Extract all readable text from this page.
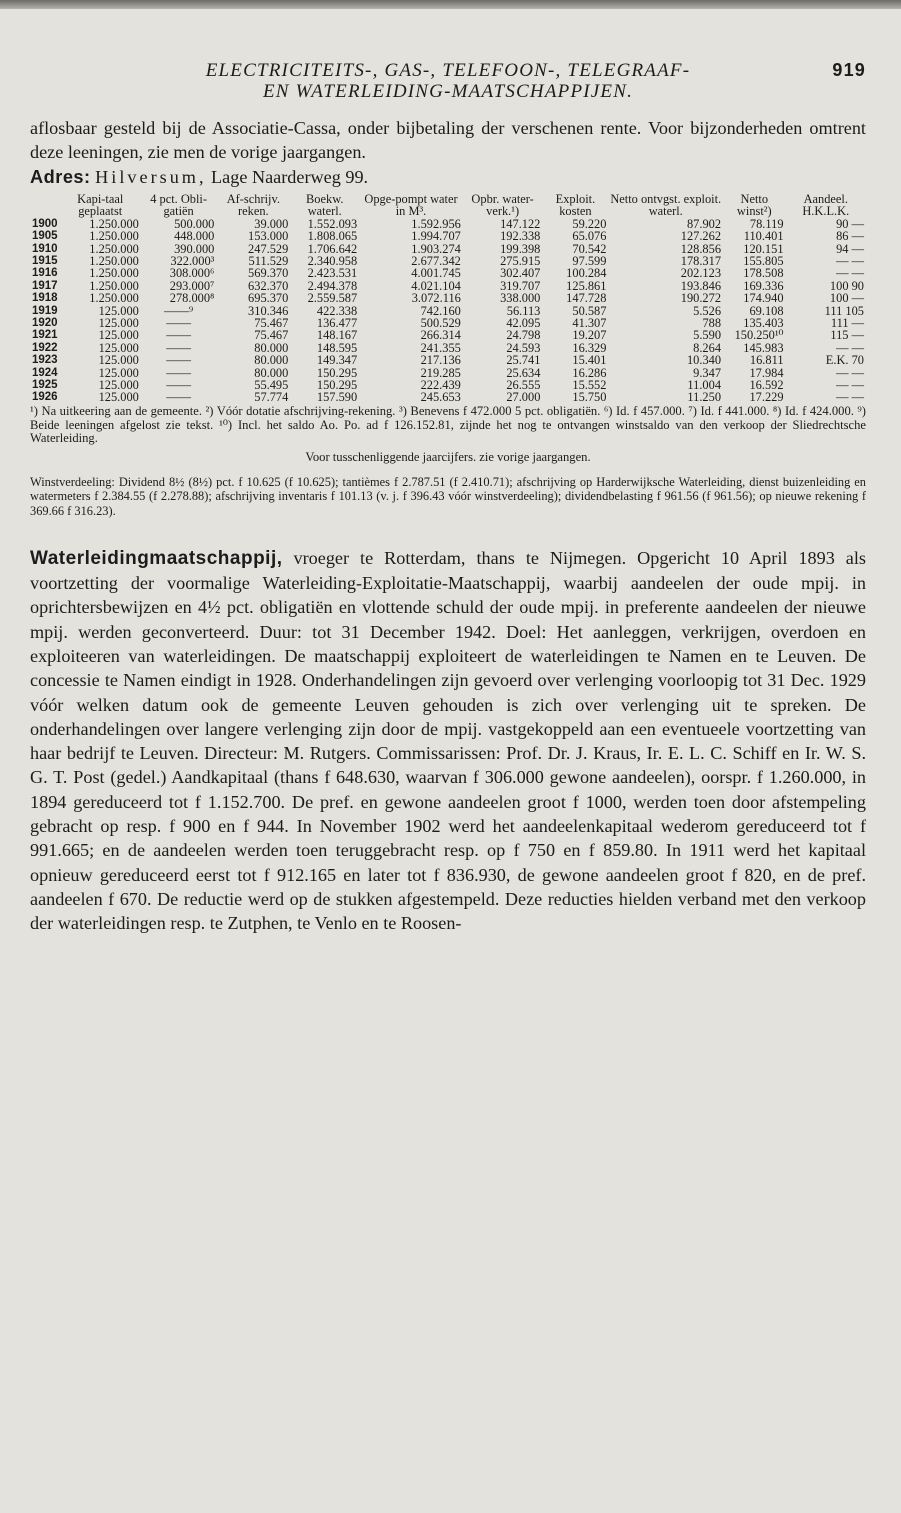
ELECTRICITEITS-, GAS-, TELEFOON-, TELEGRAAF-
EN WATERLEIDING-MAATSCHAPPIJEN.
919

aflosbaar gesteld bij de Associatie-Cassa, onder bijbetaling der verschenen rente. Voor bijzonderheden omtrent deze leeningen, zie men de vorige jaargangen.

Adres: Hilversum, Lage Naarderweg 99.

	Kapi-taal geplaatst	4 pct. Obli-gatiën	Af-schrijv. reken.	Boekw. waterl.	Opge-pompt water in M³.	Opbr. water-verk.¹)	Exploit. kosten	Netto ontvgst. exploit. waterl.	Netto winst²)	Aandeel. H.K.L.K.
1900	1.250.000	500.000	39.000	1.552.093	1.592.956	147.122	59.220	87.902	78.119	90 —
1905	1.250.000	448.000	153.000	1.808.065	1.994.707	192.338	65.076	127.262	110.401	86 —
1910	1.250.000	390.000	247.529	1.706.642	1.903.274	199.398	70.542	128.856	120.151	94 —
1915	1.250.000	322.000³	511.529	2.340.958	2.677.342	275.915	97.599	178.317	155.805	— —
1916	1.250.000	308.000⁶	569.370	2.423.531	4.001.745	302.407	100.284	202.123	178.508	— —
1917	1.250.000	293.000⁷	632.370	2.494.378	4.021.104	319.707	125.861	193.846	169.336	100 90
1918	1.250.000	278.000⁸	695.370	2.559.587	3.072.116	338.000	147.728	190.272	174.940	100 —
1919	125.000	——⁹	310.346	422.338	742.160	56.113	50.587	5.526	69.108	111 105
1920	125.000	——	75.467	136.477	500.529	42.095	41.307	788	135.403	111 —
1921	125.000	——	75.467	148.167	266.314	24.798	19.207	5.590	150.250¹⁰	115 —
1922	125.000	——	80.000	148.595	241.355	24.593	16.329	8.264	145.983	— —
1923	125.000	——	80.000	149.347	217.136	25.741	15.401	10.340	16.811	E.K. 70
1924	125.000	——	80.000	150.295	219.285	25.634	16.286	9.347	17.984	— —
1925	125.000	——	55.495	150.295	222.439	26.555	15.552	11.004	16.592	— —
1926	125.000	——	57.774	157.590	245.653	27.000	15.750	11.250	17.229	— —

¹) Na uitkeering aan de gemeente. ²) Vóór dotatie afschrijving-rekening. ³) Benevens f 472.000 5 pct. obligatiën. ⁶) Id. f 457.000. ⁷) Id. f 441.000. ⁸) Id. f 424.000. ⁹) Beide leeningen afgelost zie tekst. ¹⁰) Incl. het saldo Ao. Po. ad f 126.152.81, zijnde het nog te ontvangen winstsaldo van den verkoop der Sliedrechtsche Waterleiding.

Voor tusschenliggende jaarcijfers. zie vorige jaargangen.

Winstverdeeling: Dividend 8½ (8½) pct. f 10.625 (f 10.625); tantièmes f 2.787.51 (f 2.410.71); afschrijving op Harderwijksche Waterleiding, dienst buizenleiding en watermeters f 2.384.55 (f 2.278.88); afschrijving inventaris f 101.13 (v. j. f 396.43 vóór winstverdeeling); dividendbelasting f 961.56 (f 961.56); op nieuwe rekening f 369.66 f 316.23).

Waterleidingmaatschappij, vroeger te Rotterdam, thans te Nijmegen. Opgericht 10 April 1893 als voortzetting der voormalige Waterleiding-Exploitatie-Maatschappij, waarbij aandeelen der oude mpij. in oprichtersbewijzen en 4½ pct. obligatiën en vlottende schuld der oude mpij. in preferente aandeelen der nieuwe mpij. werden geconverteerd. Duur: tot 31 December 1942. Doel: Het aanleggen, verkrijgen, overdoen en exploiteeren van waterleidingen. De maatschappij exploiteert de waterleidingen te Namen en te Leuven. De concessie te Namen eindigt in 1928. Onderhandelingen zijn gevoerd over verlenging voorloopig tot 31 Dec. 1929 vóór welken datum ook de gemeente Leuven gehouden is zich over verlenging uit te spreken. De onderhandelingen over langere verlenging zijn door de mpij. vastgekoppeld aan een eventueele voortzetting van haar bedrijf te Leuven. Directeur: M. Rutgers. Commissarissen: Prof. Dr. J. Kraus, Ir. E. L. C. Schiff en Ir. W. S. G. T. Post (gedel.) Aandkapitaal (thans f 648.630, waarvan f 306.000 gewone aandeelen), oorspr. f 1.260.000, in 1894 gereduceerd tot f 1.152.700. De pref. en gewone aandeelen groot f 1000, werden toen door afstempeling gebracht op resp. f 900 en f 944. In November 1902 werd het aandeelenkapitaal wederom gereduceerd tot f 991.665; en de aandeelen werden toen teruggebracht resp. op f 750 en f 859.80. In 1911 werd het kapitaal opnieuw gereduceerd eerst tot f 912.165 en later tot f 836.930, de gewone aandeelen groot f 820, en de pref. aandeelen f 670. De reductie werd op de stukken afgestempeld. Deze reducties hielden verband met den verkoop der waterleidingen resp. te Zutphen, te Venlo en te Roosen-
